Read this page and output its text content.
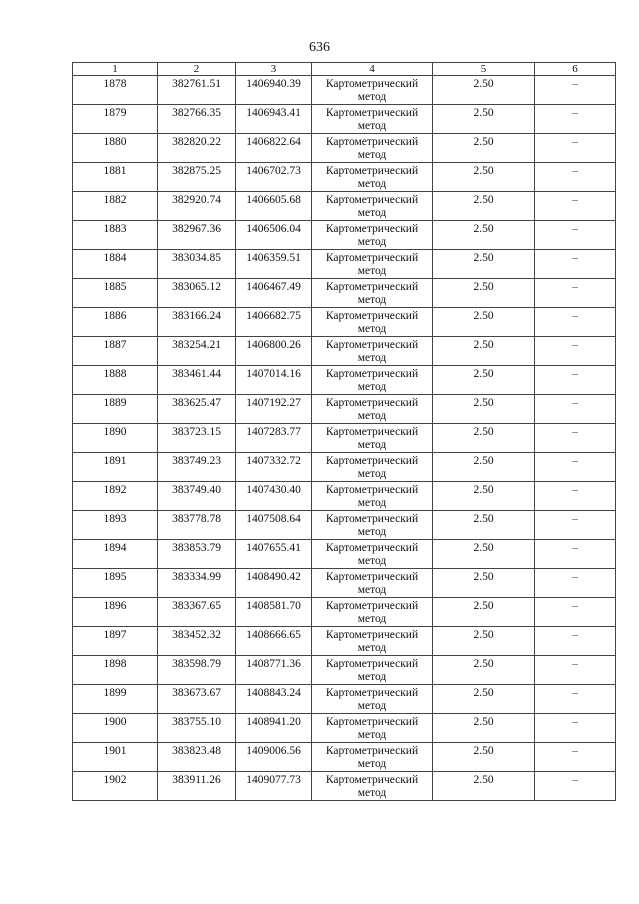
636
1	2	3	4	5	6
1878	382761.51	1406940.39	Картометрический
метод	2.50	–
1879	382766.35	1406943.41	Картометрический
метод	2.50	–
1880	382820.22	1406822.64	Картометрический
метод	2.50	–
1881	382875.25	1406702.73	Картометрический
метод	2.50	–
1882	382920.74	1406605.68	Картометрический
метод	2.50	–
1883	382967.36	1406506.04	Картометрический
метод	2.50	–
1884	383034.85	1406359.51	Картометрический
метод	2.50	–
1885	383065.12	1406467.49	Картометрический
метод	2.50	–
1886	383166.24	1406682.75	Картометрический
метод	2.50	–
1887	383254.21	1406800.26	Картометрический
метод	2.50	–
1888	383461.44	1407014.16	Картометрический
метод	2.50	–
1889	383625.47	1407192.27	Картометрический
метод	2.50	–
1890	383723.15	1407283.77	Картометрический
метод	2.50	–
1891	383749.23	1407332.72	Картометрический
метод	2.50	–
1892	383749.40	1407430.40	Картометрический
метод	2.50	–
1893	383778.78	1407508.64	Картометрический
метод	2.50	–
1894	383853.79	1407655.41	Картометрический
метод	2.50	–
1895	383334.99	1408490.42	Картометрический
метод	2.50	–
1896	383367.65	1408581.70	Картометрический
метод	2.50	–
1897	383452.32	1408666.65	Картометрический
метод	2.50	–
1898	383598.79	1408771.36	Картометрический
метод	2.50	–
1899	383673.67	1408843.24	Картометрический
метод	2.50	–
1900	383755.10	1408941.20	Картометрический
метод	2.50	–
1901	383823.48	1409006.56	Картометрический
метод	2.50	–
1902	383911.26	1409077.73	Картометрический
метод	2.50	–
